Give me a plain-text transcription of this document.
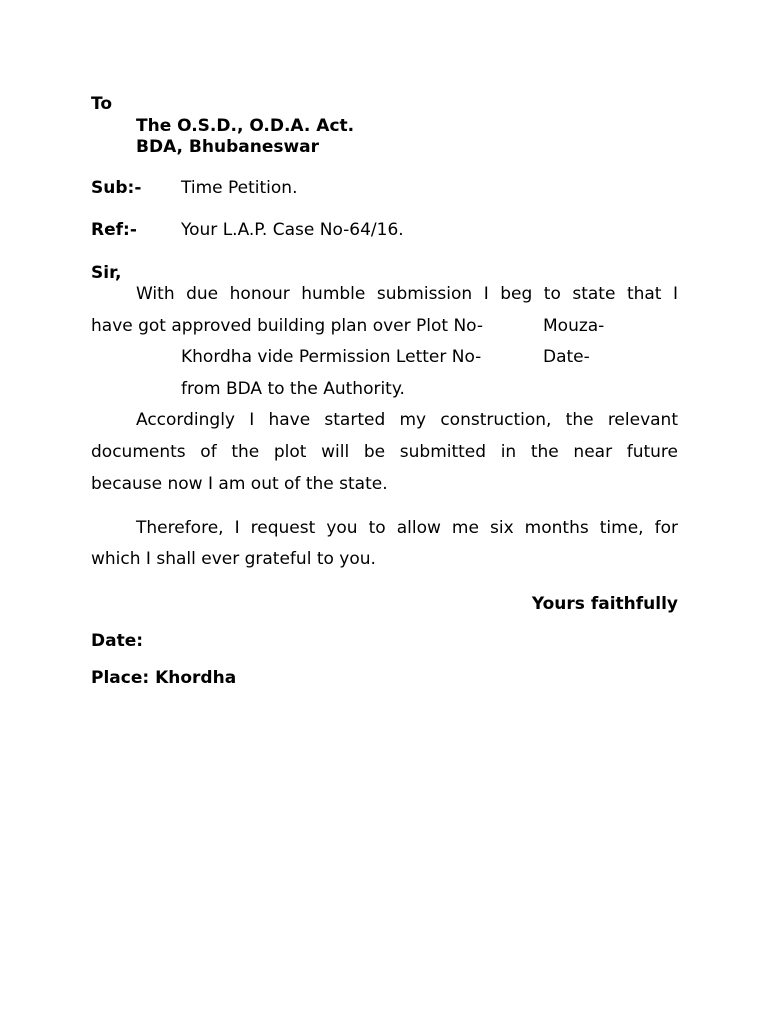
To
The O.S.D., O.D.A. Act.
BDA, Bhubaneswar
Sub:- Time Petition.
Ref:-	Your L.A.P. Case No-64/16.
Sir,
With due honour humble submission I beg to state that I
have got approved building plan over Plot No-	Mouza-
Khordha vide Permission Letter No-	Date-
from BDA to the Authority.
Accordingly I have started my construction, the relevant
documents of the plot will be submitted in the near future
because now I am out of the state.
Therefore, I request you to allow me six months time, for
which I shall ever grateful to you.
Yours faithfully
Date:
Place: Khordha
